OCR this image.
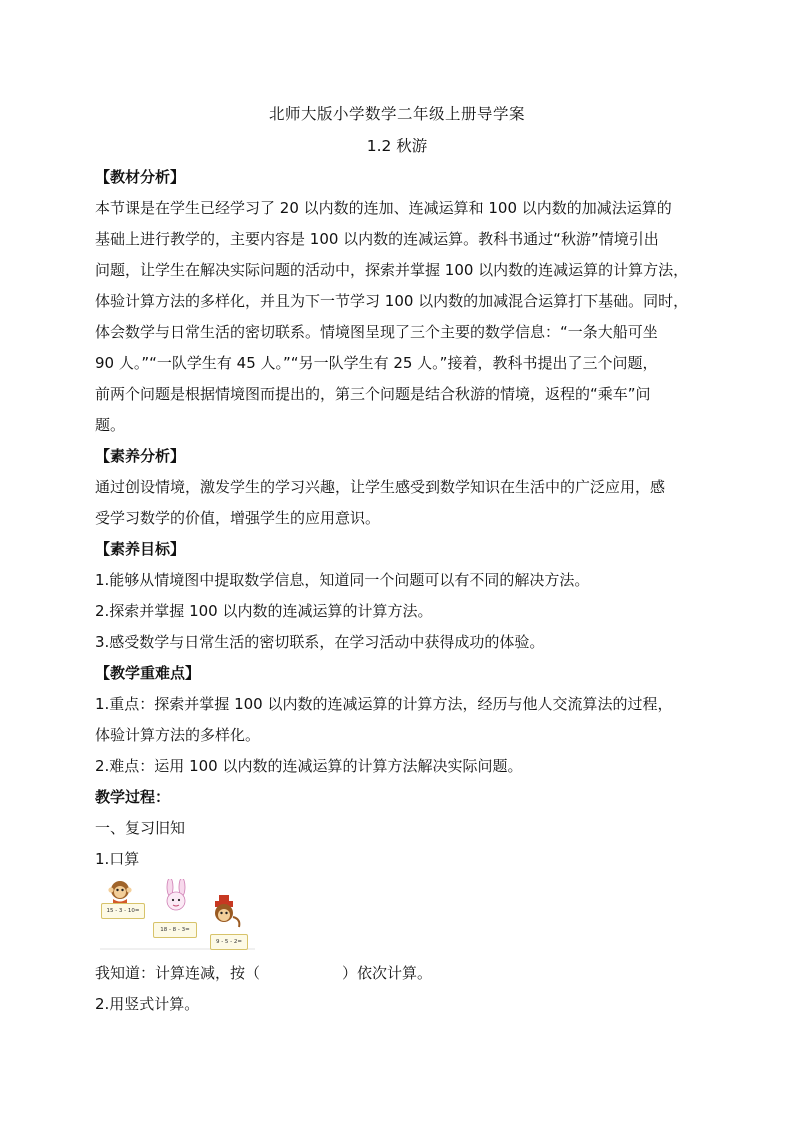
北师大版小学数学二年级上册导学案
1.2 秋游
【教材分析】

本节课是在学生已经学习了 20 以内数的连加、连减运算和 100 以内数的加减法运算的

基础上进行教学的，主要内容是 100 以内数的连减运算。教科书通过“秋游”情境引出

问题，让学生在解决实际问题的活动中，探索并掌握 100 以内数的连减运算的计算方法，

体验计算方法的多样化，并且为下一节学习 100 以内数的加减混合运算打下基础。同时，

体会数学与日常生活的密切联系。情境图呈现了三个主要的数学信息：“一条大船可坐

90 人。”“一队学生有 45 人。”“另一队学生有 25 人。”接着，教科书提出了三个问题，

前两个问题是根据情境图而提出的，第三个问题是结合秋游的情境，返程的“乘车”问

题。

【素养分析】

通过创设情境，激发学生的学习兴趣，让学生感受到数学知识在生活中的广泛应用，感

受学习数学的价值，增强学生的应用意识。

【素养目标】

1.能够从情境图中提取数学信息，知道同一个问题可以有不同的解决方法。

2.探索并掌握 100 以内数的连减运算的计算方法。

3.感受数学与日常生活的密切联系，在学习活动中获得成功的体验。

【教学重难点】

1.重点：探索并掌握 100 以内数的连减运算的计算方法，经历与他人交流算法的过程，

体验计算方法的多样化。

2.难点：运用 100 以内数的连减运算的计算方法解决实际问题。

教学过程：
一、复习旧知
1.口算
15 - 3 - 10=
18 - 8 - 3=
9 - 5 - 2=
我知道：计算连减，按（	）依次计算。
2.用竖式计算。
